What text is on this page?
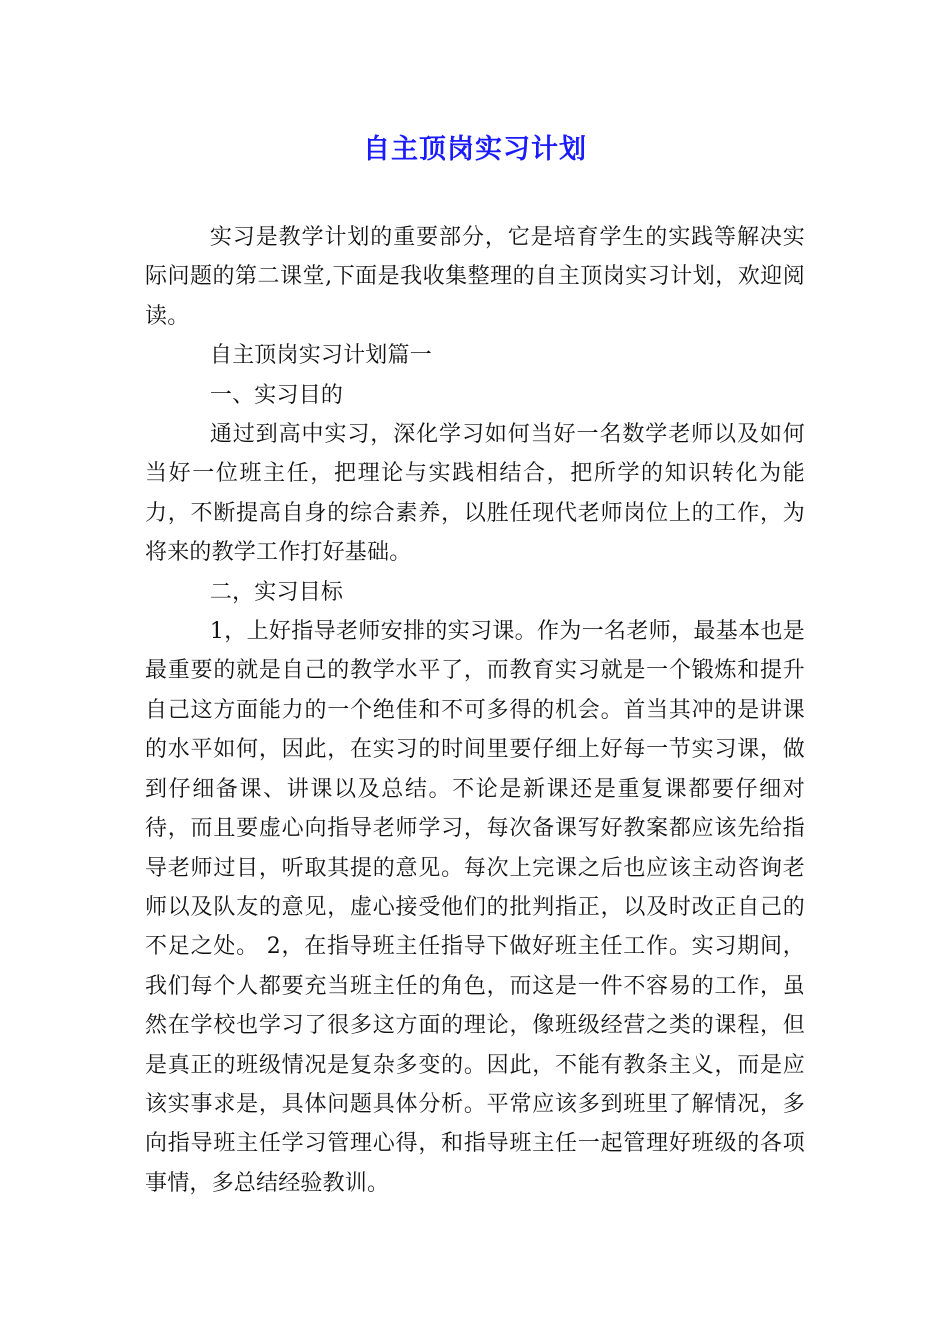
自主顶岗实习计划

实习是教学计划的重要部分，它是培育学生的实践等解决实际问题的第二课堂,下面是我收集整理的自主顶岗实习计划，欢迎阅读。

自主顶岗实习计划篇一

一、实习目的

通过到高中实习，深化学习如何当好一名数学老师以及如何当好一位班主任，把理论与实践相结合，把所学的知识转化为能力，不断提高自身的综合素养，以胜任现代老师岗位上的工作，为将来的教学工作打好基础。

二，实习目标

1，上好指导老师安排的实习课。作为一名老师，最基本也是最重要的就是自己的教学水平了，而教育实习就是一个锻炼和提升自己这方面能力的一个绝佳和不可多得的机会。首当其冲的是讲课的水平如何，因此，在实习的时间里要仔细上好每一节实习课，做到仔细备课、讲课以及总结。不论是新课还是重复课都要仔细对待，而且要虚心向指导老师学习，每次备课写好教案都应该先给指导老师过目，听取其提的意见。每次上完课之后也应该主动咨询老师以及队友的意见，虚心接受他们的批判指正，以及时改正自己的不足之处。 2，在指导班主任指导下做好班主任工作。实习期间，我们每个人都要充当班主任的角色，而这是一件不容易的工作，虽然在学校也学习了很多这方面的理论，像班级经营之类的课程，但是真正的班级情况是复杂多变的。因此，不能有教条主义，而是应该实事求是，具体问题具体分析。平常应该多到班里了解情况，多向指导班主任学习管理心得，和指导班主任一起管理好班级的各项事情，多总结经验教训。
